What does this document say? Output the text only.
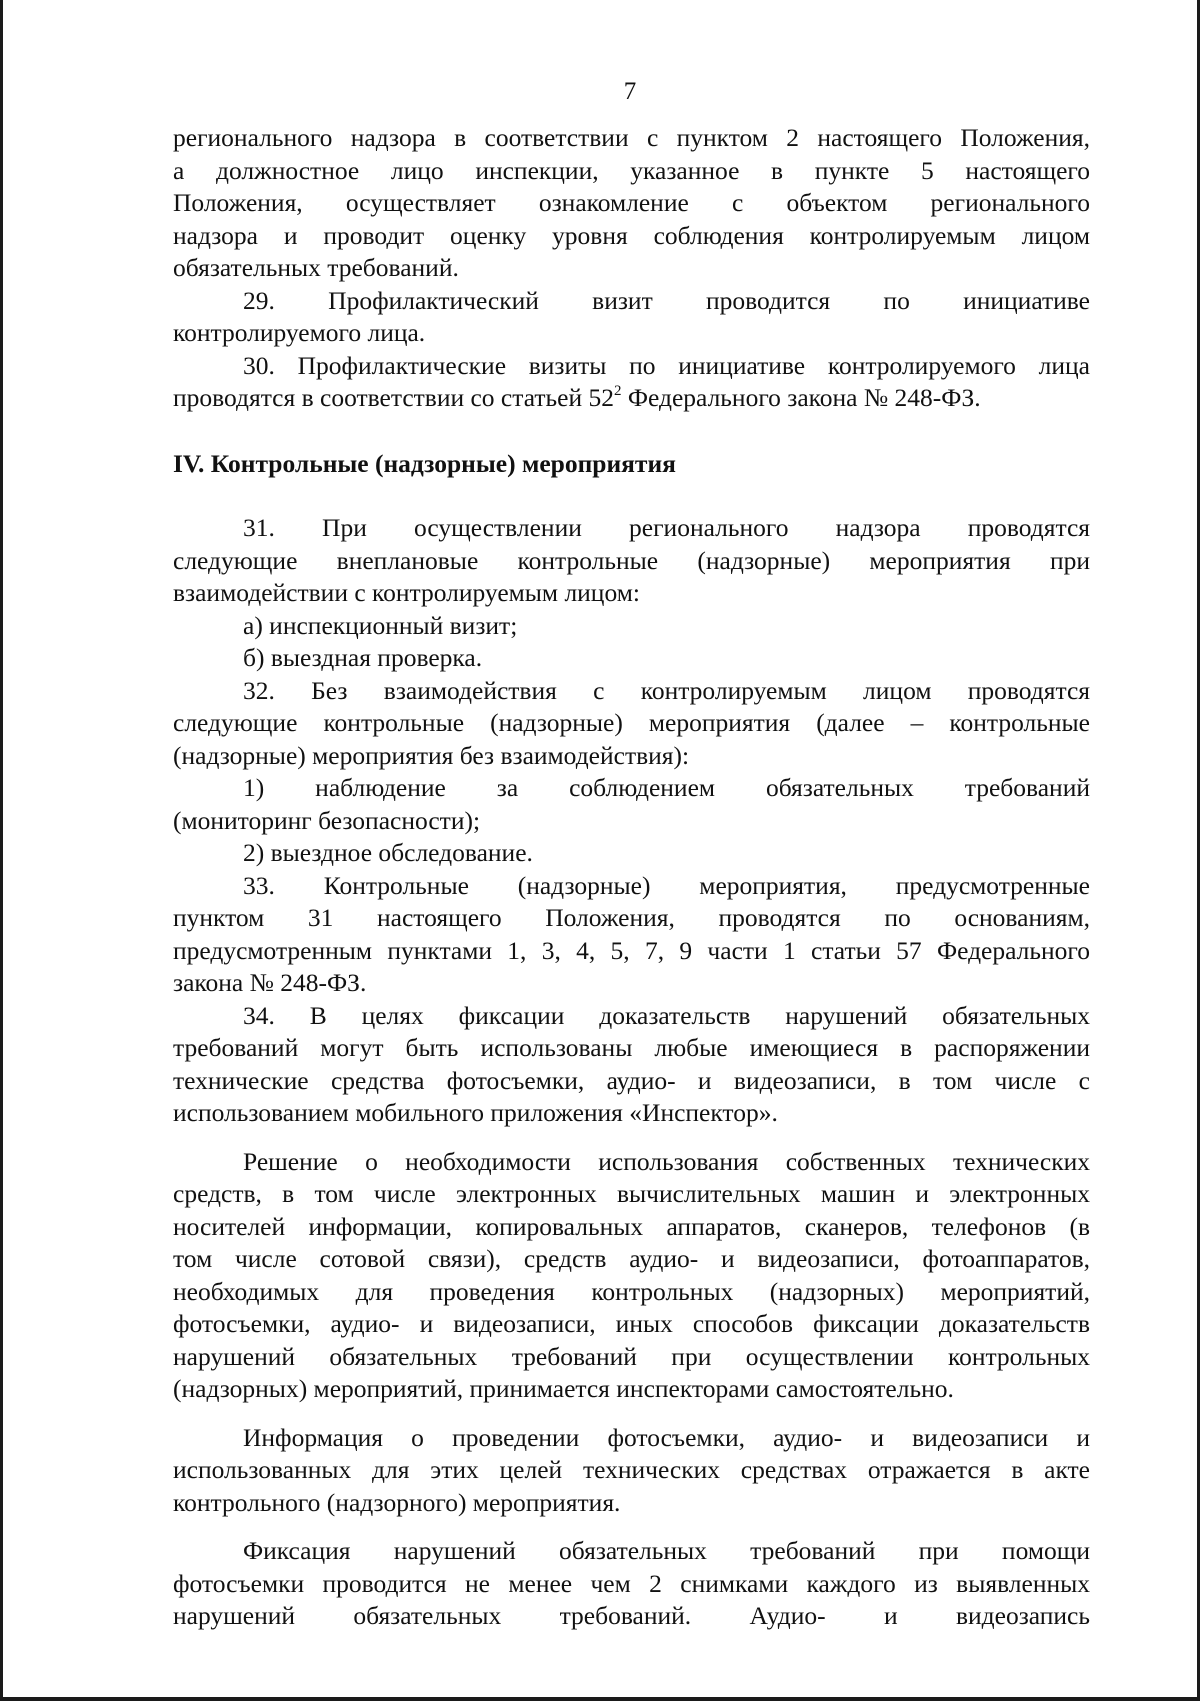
7

регионального надзора в соответствии с пунктом 2 настоящего Положения,

а должностное лицо инспекции, указанное в пункте 5 настоящего

Положения, осуществляет ознакомление с объектом регионального

надзора и проводит оценку уровня соблюдения контролируемым лицом

обязательных требований.

29. Профилактический визит проводится по инициативе

контролируемого лица.

30. Профилактические визиты по инициативе контролируемого лица

проводятся в соответствии со статьей $52^2$ Федерального закона № 248-ФЗ.

IV. Контрольные (надзорные) мероприятия

31. При осуществлении регионального надзора проводятся

следующие внеплановые контрольные (надзорные) мероприятия при

взаимодействии с контролируемым лицом:

а) инспекционный визит;

б) выездная проверка.

32. Без взаимодействия с контролируемым лицом проводятся

следующие контрольные (надзорные) мероприятия (далее – контрольные

(надзорные) мероприятия без взаимодействия):

1) наблюдение за соблюдением обязательных требований

(мониторинг безопасности);

2) выездное обследование.

33. Контрольные (надзорные) мероприятия, предусмотренные

пунктом 31 настоящего Положения, проводятся по основаниям,

предусмотренным пунктами 1, 3, 4, 5, 7, 9 части 1 статьи 57 Федерального

закона № 248-ФЗ.

34. В целях фиксации доказательств нарушений обязательных

требований могут быть использованы любые имеющиеся в распоряжении

технические средства фотосъемки, аудио- и видеозаписи, в том числе с

использованием мобильного приложения «Инспектор».

Решение о необходимости использования собственных технических

средств, в том числе электронных вычислительных машин и электронных

носителей информации, копировальных аппаратов, сканеров, телефонов (в

том числе сотовой связи), средств аудио- и видеозаписи, фотоаппаратов,

необходимых для проведения контрольных (надзорных) мероприятий,

фотосъемки, аудио- и видеозаписи, иных способов фиксации доказательств

нарушений обязательных требований при осуществлении контрольных

(надзорных) мероприятий, принимается инспекторами самостоятельно.

Информация о проведении фотосъемки, аудио- и видеозаписи и

использованных для этих целей технических средствах отражается в акте

контрольного (надзорного) мероприятия.

Фиксация нарушений обязательных требований при помощи

фотосъемки проводится не менее чем 2 снимками каждого из выявленных

нарушений обязательных требований. Аудио- и видеозапись
